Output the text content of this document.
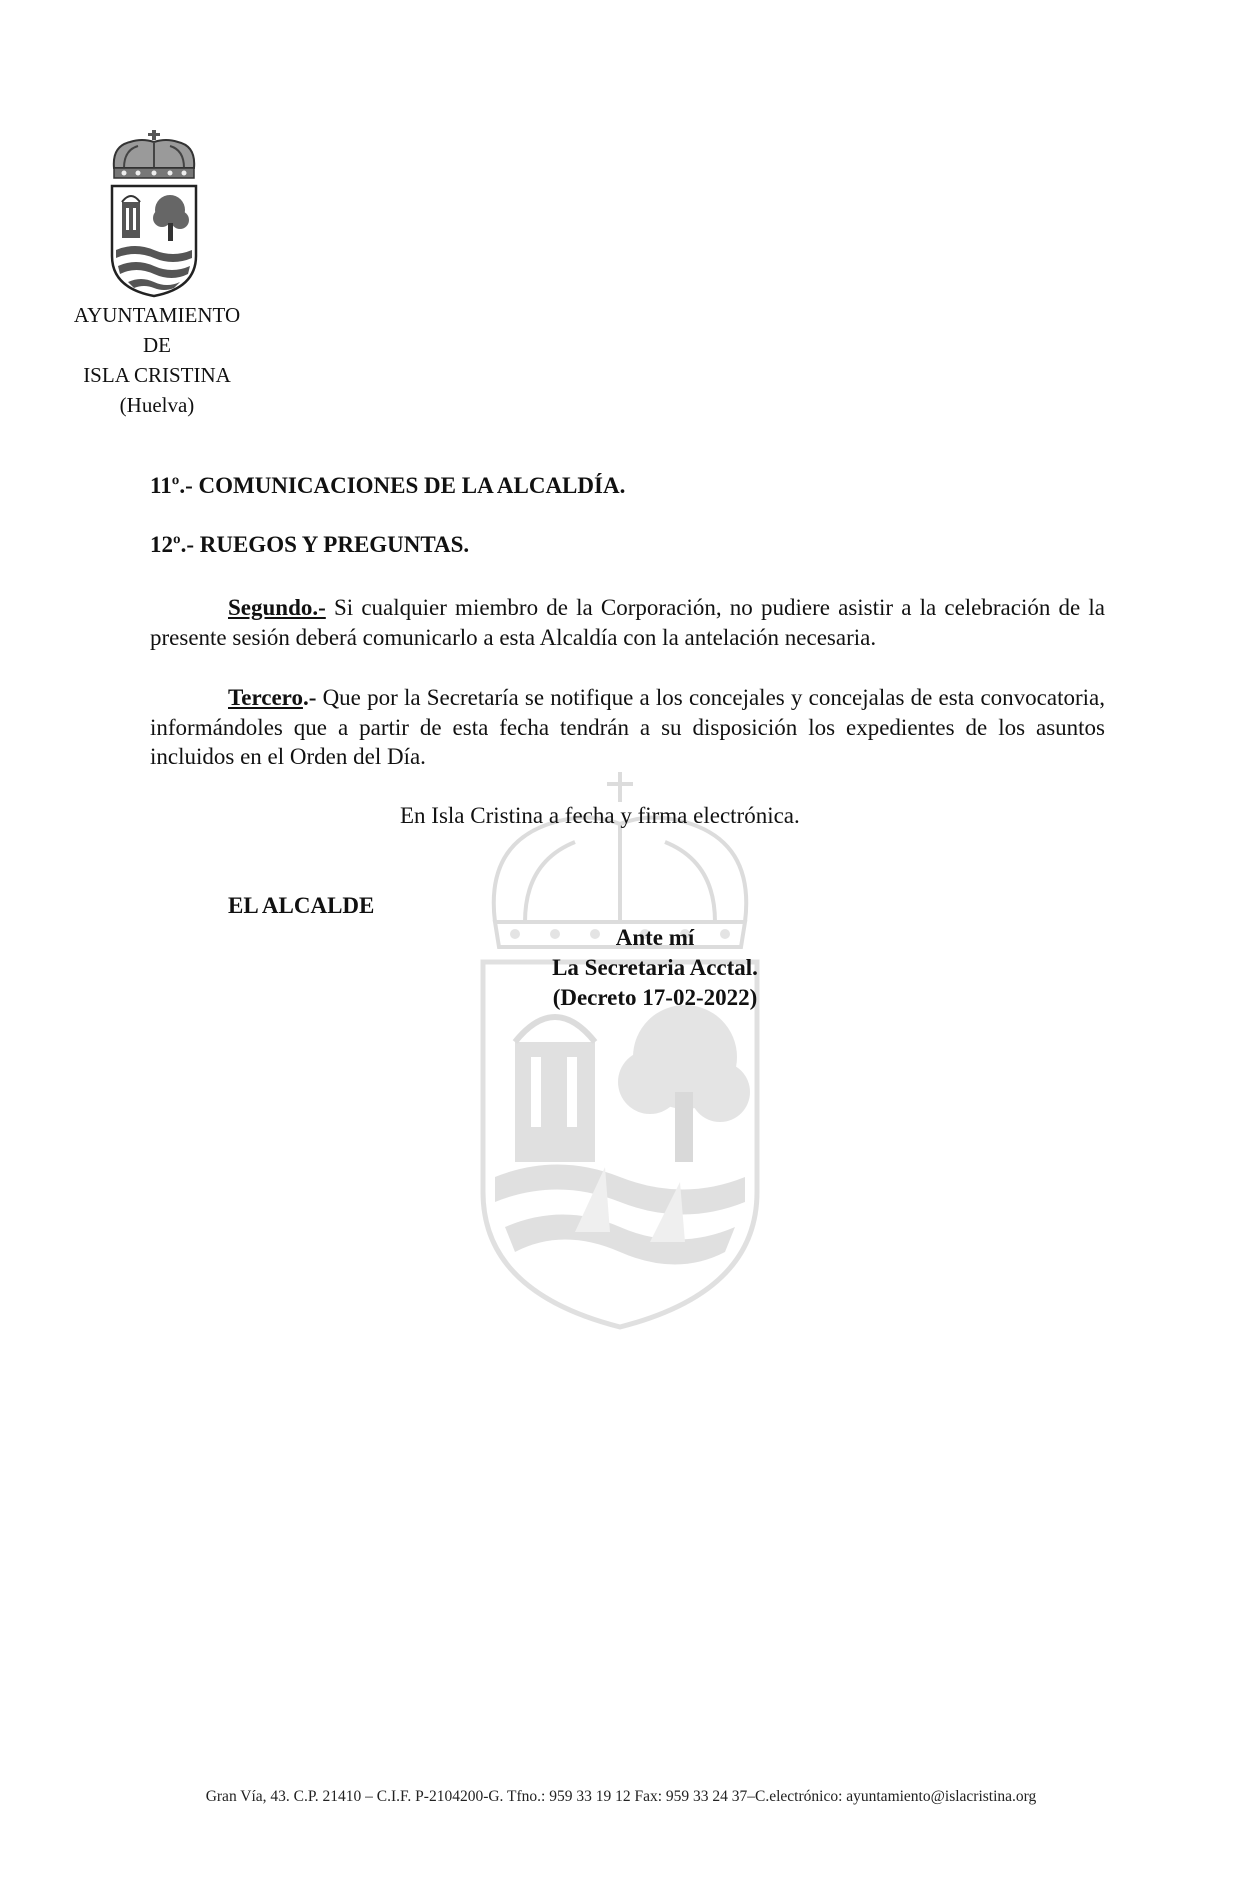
AYUNTAMIENTO
DE
ISLA CRISTINA
(Huelva)
11º.- COMUNICACIONES DE LA ALCALDÍA.
12º.- RUEGOS Y PREGUNTAS.
Segundo.- Si cualquier miembro de la Corporación, no pudiere asistir a la celebración de la presente sesión deberá comunicarlo a esta Alcaldía con la antelación necesaria.
Tercero.- Que por la Secretaría se notifique a los concejales y concejalas de esta convocatoria, informándoles que a partir de esta fecha tendrán a su disposición los expedientes de los asuntos incluidos en el Orden del Día.
En Isla Cristina a fecha y firma electrónica.
EL ALCALDE
Ante mí
La Secretaria Acctal.
(Decreto 17-02-2022)
Gran Vía, 43. C.P. 21410 – C.I.F. P-2104200-G. Tfno.: 959 33 19 12 Fax: 959 33 24 37–C.electrónico: ayuntamiento@islacristina.org
